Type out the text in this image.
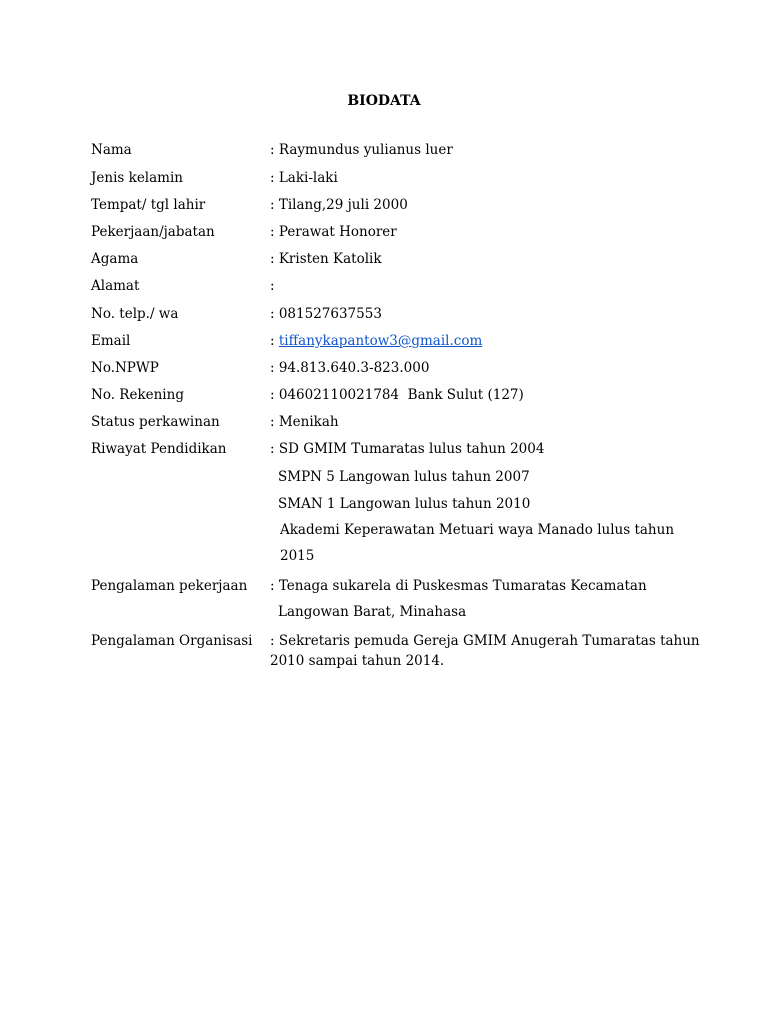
BIODATA
Nama	: Raymundus yulianus luer
Jenis kelamin	: Laki-laki
Tempat/ tgl lahir	: Tilang,29 juli 2000
Pekerjaan/jabatan	: Perawat Honorer
Agama	: Kristen Katolik
Alamat	:
No. telp./ wa	: 081527637553
Email	: tiffanykapantow3@gmail.com
No.NPWP	: 94.813.640.3-823.000
No. Rekening	: 04602110021784  Bank Sulut (127)
Status perkawinan	: Menikah
Riwayat Pendidikan	: SD GMIM Tumaratas lulus tahun 2004
SMPN 5 Langowan lulus tahun 2007
SMAN 1 Langowan lulus tahun 2010
Akademi Keperawatan Metuari waya Manado lulus tahun
2015
Pengalaman pekerjaan : Tenaga sukarela di Puskesmas Tumaratas Kecamatan
Langowan Barat, Minahasa
Pengalaman Organisasi : Sekretaris pemuda Gereja GMIM Anugerah Tumaratas tahun
2010 sampai tahun 2014.
